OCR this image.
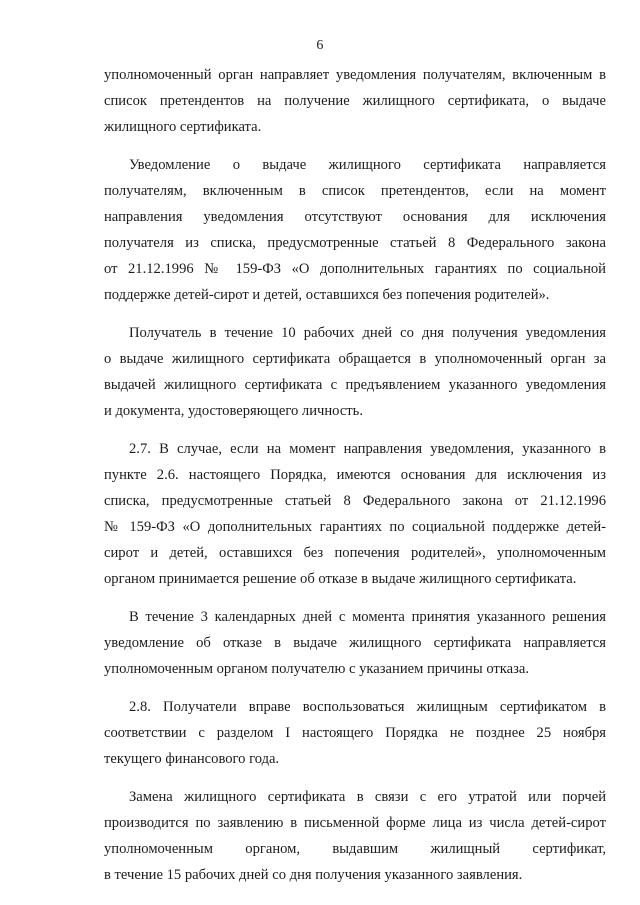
6
уполномоченный орган направляет уведомления получателям, включенным в
список претендентов на получение жилищного сертификата, о выдаче
жилищного сертификата.
Уведомление о выдаче жилищного сертификата направляется
получателям, включенным в список претендентов, если на момент
направления уведомления отсутствуют основания для исключения
получателя из списка, предусмотренные статьей 8 Федерального закона
от 21.12.1996 № 159-ФЗ «О дополнительных гарантиях по социальной
поддержке детей-сирот и детей, оставшихся без попечения родителей».
Получатель в течение 10 рабочих дней со дня получения уведомления
о выдаче жилищного сертификата обращается в уполномоченный орган за
выдачей жилищного сертификата с предъявлением указанного уведомления
и документа, удостоверяющего личность.
2.7. В случае, если на момент направления уведомления, указанного в
пункте 2.6. настоящего Порядка, имеются основания для исключения из
списка, предусмотренные статьей 8 Федерального закона от 21.12.1996
№ 159-ФЗ «О дополнительных гарантиях по социальной поддержке детей-
сирот и детей, оставшихся без попечения родителей», уполномоченным
органом принимается решение об отказе в выдаче жилищного сертификата.
В течение 3 календарных дней с момента принятия указанного решения
уведомление об отказе в выдаче жилищного сертификата направляется
уполномоченным органом получателю с указанием причины отказа.
2.8. Получатели вправе воспользоваться жилищным сертификатом в
соответствии с разделом I настоящего Порядка не позднее 25 ноября
текущего финансового года.
Замена жилищного сертификата в связи с его утратой или порчей
производится по заявлению в письменной форме лица из числа детей-сирот
уполномоченным органом, выдавшим жилищный сертификат,
в течение 15 рабочих дней со дня получения указанного заявления.
